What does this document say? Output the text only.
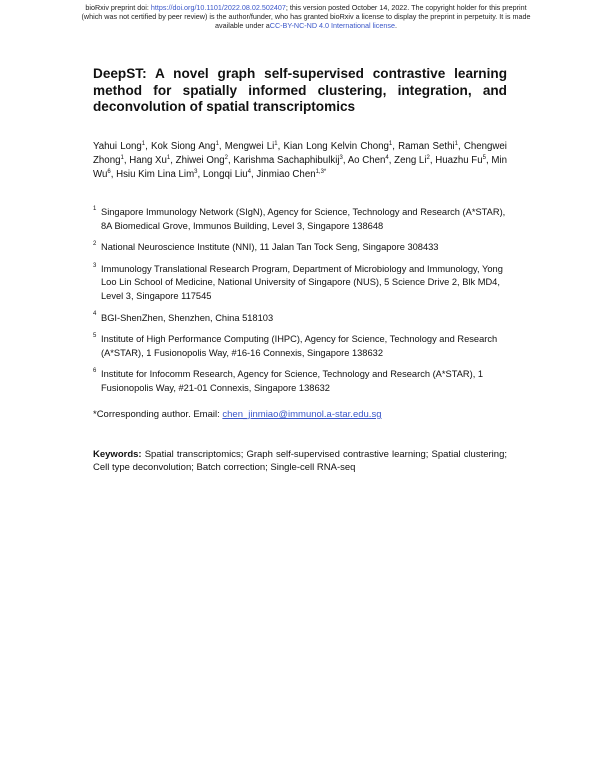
bioRxiv preprint doi: https://doi.org/10.1101/2022.08.02.502407; this version posted October 14, 2022. The copyright holder for this preprint
(which was not certified by peer review) is the author/funder, who has granted bioRxiv a license to display the preprint in perpetuity. It is made
available under aCC-BY-NC-ND 4.0 International license.
DeepST: A novel graph self-supervised contrastive learning method for spatially informed clustering, integration, and deconvolution of spatial transcriptomics

Yahui Long$^1$, Kok Siong Ang$^1$, Mengwei Li$^1$, Kian Long Kelvin Chong$^1$, Raman Sethi$^1$, Chengwei Zhong$^1$, Hang Xu$^1$, Zhiwei Ong$^2$, Karishma Sachaphibulkij$^3$, Ao Chen$^4$, Zeng Li$^2$, Huazhu Fu$^5$, Min Wu$^6$, Hsiu Kim Lina Lim$^3$, Longqi Liu$^4$, Jinmiao Chen$^{1,3*}$

$^1$ Singapore Immunology Network (SIgN), Agency for Science, Technology and Research (A*STAR), 8A Biomedical Grove, Immunos Building, Level 3, Singapore 138648
$^2$ National Neuroscience Institute (NNI), 11 Jalan Tan Tock Seng, Singapore 308433
$^3$ Immunology Translational Research Program, Department of Microbiology and Immunology, Yong Loo Lin School of Medicine, National University of Singapore (NUS), 5 Science Drive 2, Blk MD4, Level 3, Singapore 117545
$^4$ BGI-ShenZhen, Shenzhen, China 518103
$^5$ Institute of High Performance Computing (IHPC), Agency for Science, Technology and Research (A*STAR), 1 Fusionopolis Way, #16-16 Connexis, Singapore 138632
$^6$ Institute for Infocomm Research, Agency for Science, Technology and Research (A*STAR), 1 Fusionopolis Way, #21-01 Connexis, Singapore 138632
*Corresponding author. Email: chen_jinmiao@immunol.a-star.edu.sg

Keywords: Spatial transcriptomics; Graph self-supervised contrastive learning; Spatial clustering; Cell type deconvolution; Batch correction; Single-cell RNA-seq
